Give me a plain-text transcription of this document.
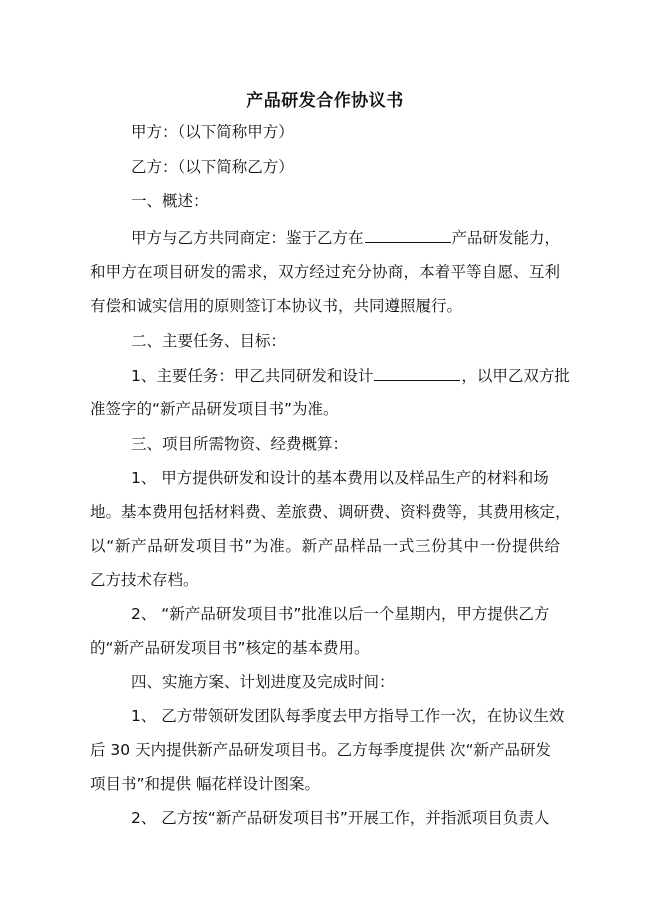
产品研发合作协议书
甲方：（以下简称甲方）
乙方：（以下简称乙方）
一、概述：
甲方与乙方共同商定：鉴于乙方在	产品研发能力，
和甲方在项目研发的需求，双方经过充分协商，本着平等自愿、互利
有偿和诚实信用的原则签订本协议书，共同遵照履行。
二、主要任务、目标：
1、主要任务：甲乙共同研发和设计	，以甲乙双方批
准签字的“新产品研发项目书”为准。
三、项目所需物资、经费概算：
1、 甲方提供研发和设计的基本费用以及样品生产的材料和场
地。基本费用包括材料费、差旅费、调研费、资料费等，其费用核定，
以“新产品研发项目书”为准。新产品样品一式三份其中一份提供给
乙方技术存档。
2、 “新产品研发项目书”批准以后一个星期内，甲方提供乙方
的“新产品研发项目书”核定的基本费用。
四、实施方案、计划进度及完成时间：
1、 乙方带领研发团队每季度去甲方指导工作一次，在协议生效
后 30 天内提供新产品研发项目书。乙方每季度提供 次“新产品研发
项目书”和提供 幅花样设计图案。
2、 乙方按“新产品研发项目书”开展工作，并指派项目负责人
